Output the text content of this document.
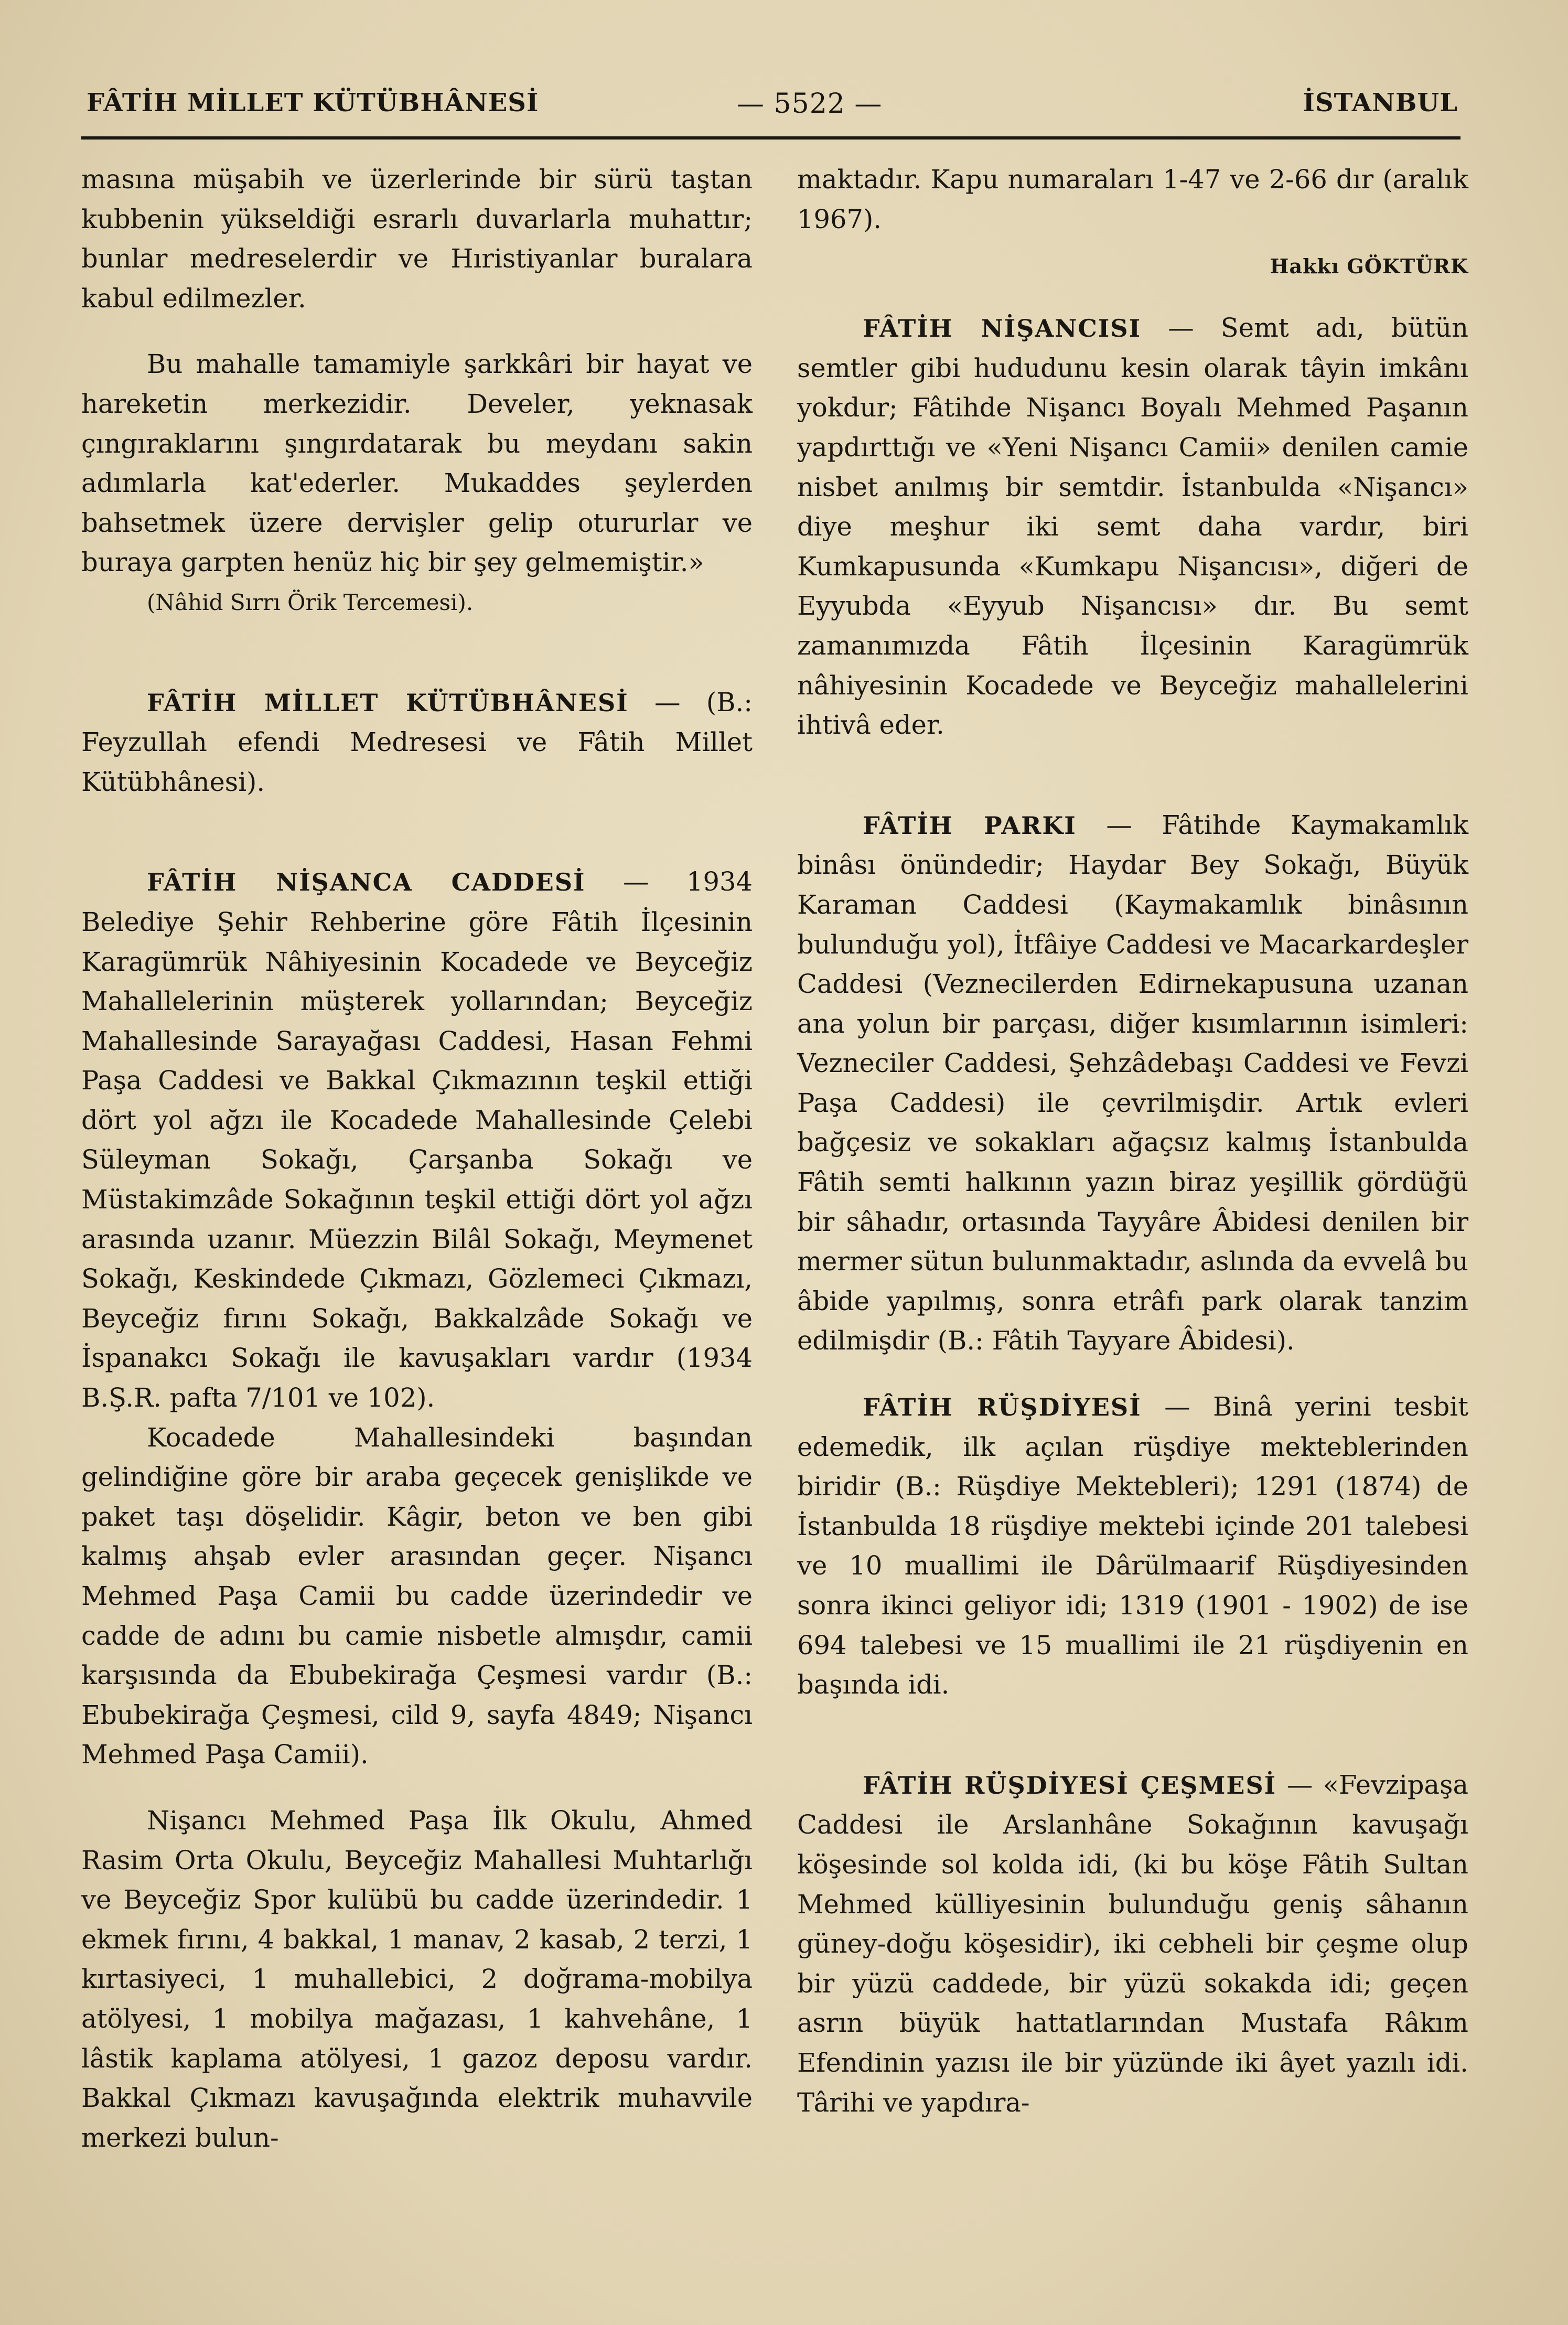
FÂTİH MİLLET KÜTÜBHÂNESİ	— 5522 —	İSTANBUL

masına müşabih ve üzerlerinde bir sürü taştan kubbenin yükseldiği esrarlı duvarlarla muhattır; bunlar medreselerdir ve Hıristiyanlar buralara kabul edilmezler.

Bu mahalle tamamiyle şarkkâri bir hayat ve hareketin merkezidir. Develer, yeknasak çıngıraklarını şıngırdatarak bu meydanı sakin adımlarla kat'ederler. Mukaddes şeylerden bahsetmek üzere dervişler gelip otururlar ve buraya garpten henüz hiç bir şey gelmemiştir.»

(Nâhid Sırrı Örik Tercemesi).

FÂTİH MİLLET KÜTÜBHÂNESİ — (B.: Feyzullah efendi Medresesi ve Fâtih Millet Kütübhânesi).

FÂTİH NİŞANCA CADDESİ — 1934 Belediye Şehir Rehberine göre Fâtih İlçesinin Karagümrük Nâhiyesinin Kocadede ve Beyceğiz Mahallelerinin müşterek yollarından; Beyceğiz Mahallesinde Sarayağası Caddesi, Hasan Fehmi Paşa Caddesi ve Bakkal Çıkmazının teşkil ettiği dört yol ağzı ile Kocadede Mahallesinde Çelebi Süleyman Sokağı, Çarşanba Sokağı ve Müstakimzâde Sokağının teşkil ettiği dört yol ağzı arasında uzanır. Müezzin Bilâl Sokağı, Meymenet Sokağı, Keskindede Çıkmazı, Gözlemeci Çıkmazı, Beyceğiz fırını Sokağı, Bakkalzâde Sokağı ve İspanakcı Sokağı ile kavuşakları vardır (1934 B.Ş.R. pafta 7/101 ve 102).

Kocadede Mahallesindeki başından gelindiğine göre bir araba geçecek genişlikde ve paket taşı döşelidir. Kâgir, beton ve ben gibi kalmış ahşab evler arasından geçer. Nişancı Mehmed Paşa Camii bu cadde üzerindedir ve cadde de adını bu camie nisbetle almışdır, camii karşısında da Ebubekirağa Çeşmesi vardır (B.: Ebubekirağa Çeşmesi, cild 9, sayfa 4849; Nişancı Mehmed Paşa Camii).

Nişancı Mehmed Paşa İlk Okulu, Ahmed Rasim Orta Okulu, Beyceğiz Mahallesi Muhtarlığı ve Beyceğiz Spor kulübü bu cadde üzerindedir. 1 ekmek fırını, 4 bakkal, 1 manav, 2 kasab, 2 terzi, 1 kırtasiyeci, 1 muhallebici, 2 doğrama-mobilya atölyesi, 1 mobilya mağazası, 1 kahvehâne, 1 lâstik kaplama atölyesi, 1 gazoz deposu vardır. Bakkal Çıkmazı kavuşağında elektrik muhavvile merkezi bulun-

maktadır. Kapu numaraları 1-47 ve 2-66 dır (aralık 1967).

Hakkı GÖKTÜRK

FÂTİH NİŞANCISI — Semt adı, bütün semtler gibi hududunu kesin olarak tâyin imkânı yokdur; Fâtihde Nişancı Boyalı Mehmed Paşanın yapdırttığı ve «Yeni Nişancı Camii» denilen camie nisbet anılmış bir semtdir. İstanbulda «Nişancı» diye meşhur iki semt daha vardır, biri Kumkapusunda «Kumkapu Nişancısı», diğeri de Eyyubda «Eyyub Nişancısı» dır. Bu semt zamanımızda Fâtih İlçesinin Karagümrük nâhiyesinin Kocadede ve Beyceğiz mahallelerini ihtivâ eder.

FÂTİH PARKI — Fâtihde Kaymakamlık binâsı önündedir; Haydar Bey Sokağı, Büyük Karaman Caddesi (Kaymakamlık binâsının bulunduğu yol), İtfâiye Caddesi ve Macarkardeşler Caddesi (Veznecilerden Edirnekapusuna uzanan ana yolun bir parçası, diğer kısımlarının isimleri: Vezneciler Caddesi, Şehzâdebaşı Caddesi ve Fevzi Paşa Caddesi) ile çevrilmişdir. Artık evleri bağçesiz ve sokakları ağaçsız kalmış İstanbulda Fâtih semti halkının yazın biraz yeşillik gördüğü bir sâhadır, ortasında Tayyâre Âbidesi denilen bir mermer sütun bulunmaktadır, aslında da evvelâ bu âbide yapılmış, sonra etrâfı park olarak tanzim edilmişdir (B.: Fâtih Tayyare Âbidesi).

FÂTİH RÜŞDİYESİ — Binâ yerini tesbit edemedik, ilk açılan rüşdiye mekteblerinden biridir (B.: Rüşdiye Mektebleri); 1291 (1874) de İstanbulda 18 rüşdiye mektebi içinde 201 talebesi ve 10 muallimi ile Dârülmaarif Rüşdiyesinden sonra ikinci geliyor idi; 1319 (1901 - 1902) de ise 694 talebesi ve 15 muallimi ile 21 rüşdiyenin en başında idi.

FÂTİH RÜŞDİYESİ ÇEŞMESİ — «Fevzipaşa Caddesi ile Arslanhâne Sokağının kavuşağı köşesinde sol kolda idi, (ki bu köşe Fâtih Sultan Mehmed külliyesinin bulunduğu geniş sâhanın güney-doğu köşesidir), iki cebheli bir çeşme olup bir yüzü caddede, bir yüzü sokakda idi; geçen asrın büyük hattatlarından Mustafa Râkım Efendinin yazısı ile bir yüzünde iki âyet yazılı idi. Târihi ve yapdıra-
